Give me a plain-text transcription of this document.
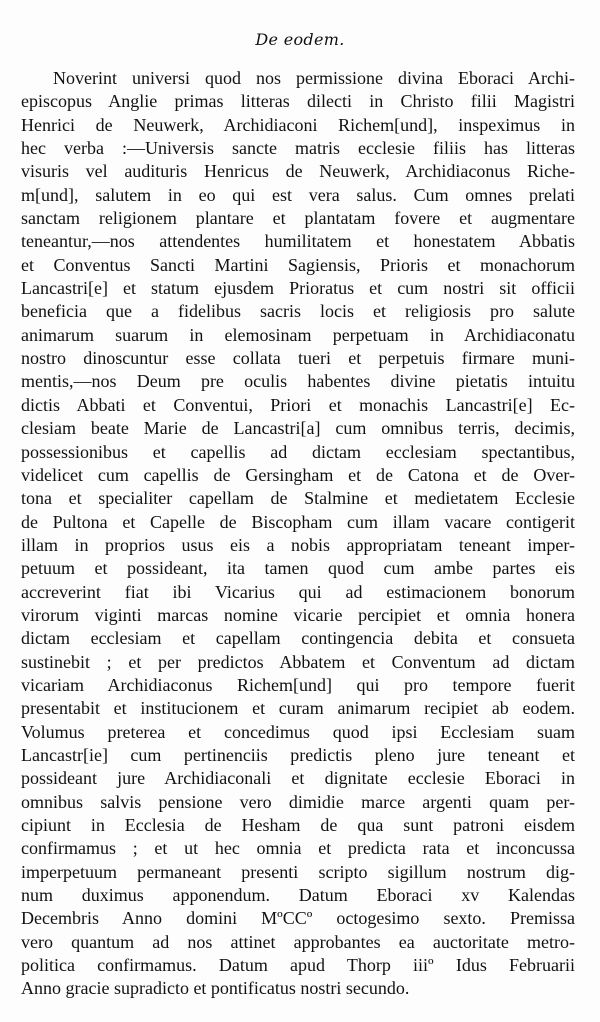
De eodem.
Noverint universi quod nos permissione divina Eboraci Archi-
episcopus Anglie primas litteras dilecti in Christo filii Magistri
Henrici de Neuwerk, Archidiaconi Richem[und], inspeximus in
hec verba :—Universis sancte matris ecclesie filiis has litteras
visuris vel audituris Henricus de Neuwerk, Archidiaconus Riche-
m[und], salutem in eo qui est vera salus. Cum omnes prelati
sanctam religionem plantare et plantatam fovere et augmentare
teneantur,—nos attendentes humilitatem et honestatem Abbatis
et Conventus Sancti Martini Sagiensis, Prioris et monachorum
Lancastri[e] et statum ejusdem Prioratus et cum nostri sit officii
beneficia que a fidelibus sacris locis et religiosis pro salute
animarum suarum in elemosinam perpetuam in Archidiaconatu
nostro dinoscuntur esse collata tueri et perpetuis firmare muni-
mentis,—nos Deum pre oculis habentes divine pietatis intuitu
dictis Abbati et Conventui, Priori et monachis Lancastri[e] Ec-
clesiam beate Marie de Lancastri[a] cum omnibus terris, decimis,
possessionibus et capellis ad dictam ecclesiam spectantibus,
videlicet cum capellis de Gersingham et de Catona et de Over-
tona et specialiter capellam de Stalmine et medietatem Ecclesie
de Pultona et Capelle de Biscopham cum illam vacare contigerit
illam in proprios usus eis a nobis appropriatam teneant imper-
petuum et possideant, ita tamen quod cum ambe partes eis
accreverint fiat ibi Vicarius qui ad estimacionem bonorum
virorum viginti marcas nomine vicarie percipiet et omnia honera
dictam ecclesiam et capellam contingencia debita et consueta
sustinebit ; et per predictos Abbatem et Conventum ad dictam
vicariam Archidiaconus Richem[und] qui pro tempore fuerit
presentabit et institucionem et curam animarum recipiet ab eodem.
Volumus preterea et concedimus quod ipsi Ecclesiam suam
Lancastr[ie] cum pertinenciis predictis pleno jure teneant et
possideant jure Archidiaconali et dignitate ecclesie Eboraci in
omnibus salvis pensione vero dimidie marce argenti quam per-
cipiunt in Ecclesia de Hesham de qua sunt patroni eisdem
confirmamus ; et ut hec omnia et predicta rata et inconcussa
imperpetuum permaneant presenti scripto sigillum nostrum dig-
num duximus apponendum. Datum Eboraci xv Kalendas
Decembris Anno domini MºCCº octogesimo sexto. Premissa
vero quantum ad nos attinet approbantes ea auctoritate metro-
politica confirmamus. Datum apud Thorp iiiº Idus Februarii
Anno gracie supradicto et pontificatus nostri secundo.
